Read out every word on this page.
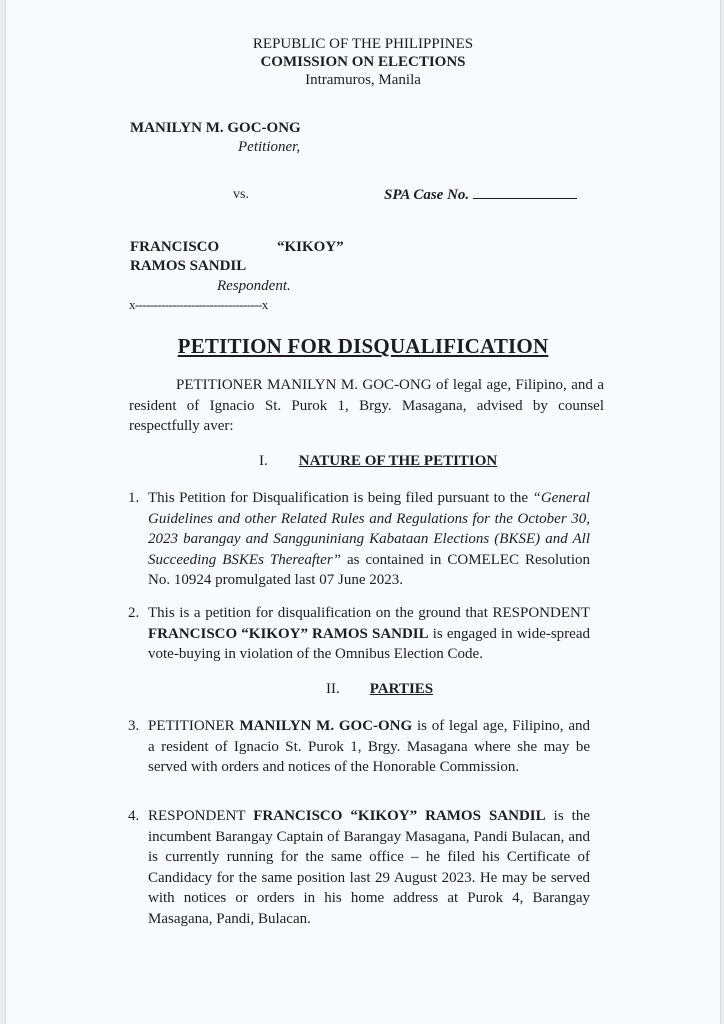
REPUBLIC OF THE PHILIPPINES
COMISSION ON ELECTIONS
Intramuros, Manila
MANILYN M. GOC-ONG
Petitioner,
vs.	SPA Case No.
FRANCISCO	“KIKOY”
RAMOS SANDIL
Respondent.
x----------------------------------x
PETITION FOR DISQUALIFICATION
PETITIONER MANILYN M. GOC-ONG of legal age, Filipino, and a resident of Ignacio St. Purok 1, Brgy. Masagana, advised by counsel respectfully aver:
I. NATURE OF THE PETITION
1. This Petition for Disqualification is being filed pursuant to the “General Guidelines and other Related Rules and Regulations for the October 30, 2023 barangay and Sangguniniang Kabataan Elections (BKSE) and All Succeeding BSKEs Thereafter” as contained in COMELEC Resolution No. 10924 promulgated last 07 June 2023.
2. This is a petition for disqualification on the ground that RESPONDENT FRANCISCO “KIKOY” RAMOS SANDIL is engaged in wide-spread vote-buying in violation of the Omnibus Election Code.
II. PARTIES
3. PETITIONER MANILYN M. GOC-ONG is of legal age, Filipino, and a resident of Ignacio St. Purok 1, Brgy. Masagana where she may be served with orders and notices of the Honorable Commission.
4. RESPONDENT FRANCISCO “KIKOY” RAMOS SANDIL is the incumbent Barangay Captain of Barangay Masagana, Pandi Bulacan, and is currently running for the same office – he filed his Certificate of Candidacy for the same position last 29 August 2023. He may be served with notices or orders in his home address at Purok 4, Barangay Masagana, Pandi, Bulacan.
